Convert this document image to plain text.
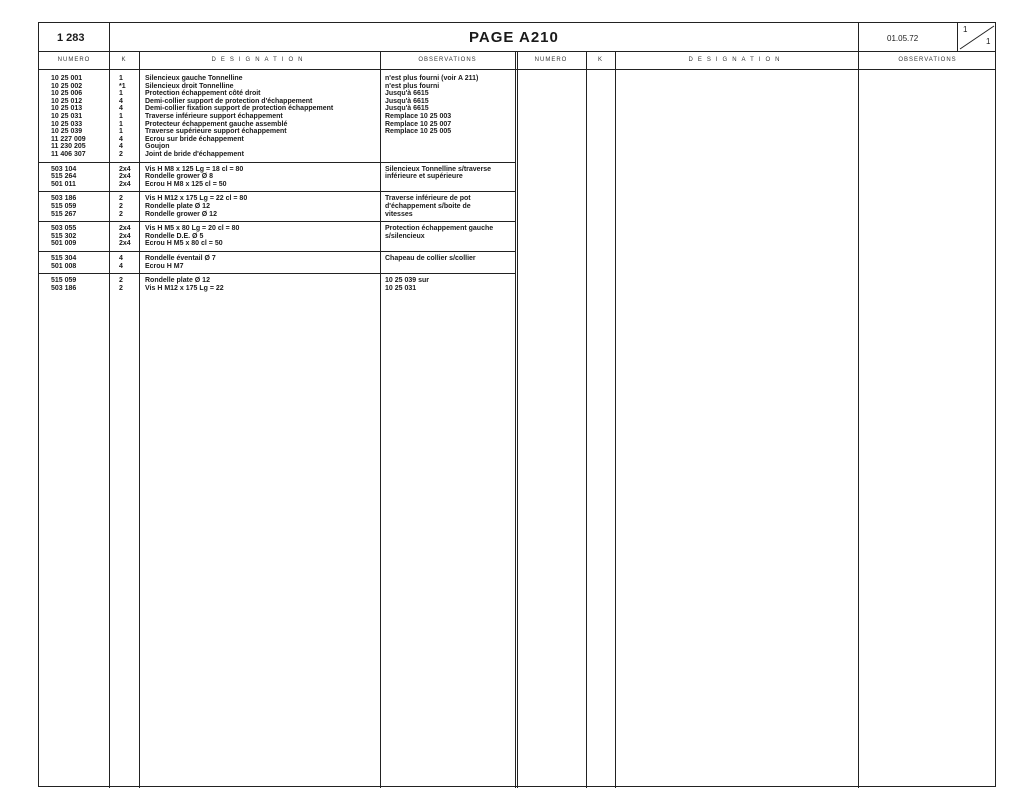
1 283	PAGE A210	01.05.72
1
1
NUMERO	K	DESIGNATION	OBSERVATIONS	NUMERO	K	DESIGNATION	OBSERVATIONS
10 25 001	1	Silencieux gauche Tonnelline	n'est plus fourni (voir A 211)
10 25 002	*1	Silencieux droit Tonnelline	n'est plus fourni
10 25 006	1	Protection échappement côté droit	Jusqu'à 6615
10 25 012	4	Demi-collier support de protection d'échappement	Jusqu'à 6615
10 25 013	4	Demi-collier fixation support de protection échappement	Jusqu'à 6615
10 25 031	1	Traverse inférieure support échappement	Remplace 10 25 003
10 25 033	1	Protecteur échappement gauche assemblé	Remplace 10 25 007
10 25 039	1	Traverse supérieure support échappement	Remplace 10 25 005
11 227 009	4	Ecrou sur bride échappement
11 230 205	4	Goujon
11 406 307	2	Joint de bride d'échappement
503 104	2x4 Vis H M8 x 125 Lg = 18 cl = 80	Silencieux Tonnelline s/traverse
515 264	2x4 Rondelle grower Ø 8	inférieure et supérieure
501 011	2x4 Ecrou H M8 x 125 cl = 50
503 186	2	Vis H M12 x 175 Lg = 22 cl = 80	Traverse inférieure de pot
515 059	2	Rondelle plate Ø 12	d'échappement s/boite de
515 267	2	Rondelle grower Ø 12	vitesses
503 055	2x4 Vis H M5 x 80 Lg = 20 cl = 80	Protection échappement gauche
515 302	2x4 Rondelle D.E. Ø 5	s/silencieux
501 009	2x4 Ecrou H M5 x 80 cl = 50
515 304	4	Rondelle éventail Ø 7	Chapeau de collier s/collier
501 008	4	Ecrou H M7
515 059	2	Rondelle plate Ø 12	10 25 039 sur
503 186	2	Vis H M12 x 175 Lg = 22	10 25 031
